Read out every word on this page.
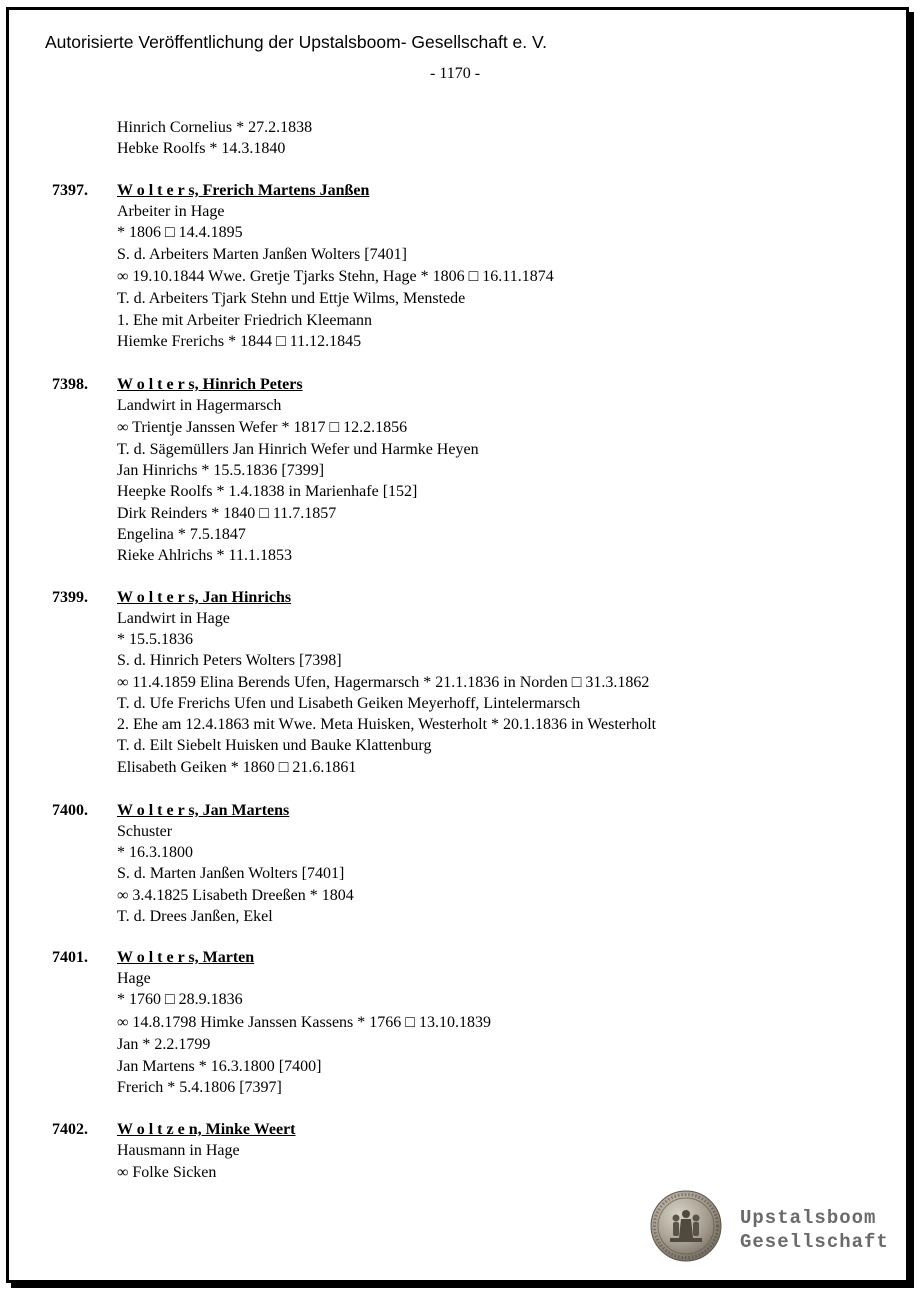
Autorisierte Veröffentlichung der Upstalsboom- Gesellschaft e. V.
- 1170 -
Hinrich Cornelius * 27.2.1838
Hebke Roolfs * 14.3.1840
7397. W o l t e r s, Frerich Martens Janßen
Arbeiter in Hage
* 1806 □ 14.4.1895
S. d. Arbeiters Marten Janßen Wolters [7401]
∞ 19.10.1844 Wwe. Gretje Tjarks Stehn, Hage * 1806 □ 16.11.1874
T. d. Arbeiters Tjark Stehn und Ettje Wilms, Menstede
1. Ehe mit Arbeiter Friedrich Kleemann
Hiemke Frerichs * 1844 □ 11.12.1845
7398. W o l t e r s, Hinrich Peters
Landwirt in Hagermarsch
∞ Trientje Janssen Wefer * 1817 □ 12.2.1856
T. d. Sägemüllers Jan Hinrich Wefer und Harmke Heyen
Jan Hinrichs * 15.5.1836 [7399]
Heepke Roolfs * 1.4.1838 in Marienhafe [152]
Dirk Reinders * 1840 □ 11.7.1857
Engelina * 7.5.1847
Rieke Ahlrichs * 11.1.1853
7399. W o l t e r s, Jan Hinrichs
Landwirt in Hage
* 15.5.1836
S. d. Hinrich Peters Wolters [7398]
∞ 11.4.1859 Elina Berends Ufen, Hagermarsch * 21.1.1836 in Norden □ 31.3.1862
T. d. Ufe Frerichs Ufen und Lisabeth Geiken Meyerhoff, Lintelermarsch
2. Ehe am 12.4.1863 mit Wwe. Meta Huisken, Westerholt * 20.1.1836 in Westerholt
T. d. Eilt Siebelt Huisken und Bauke Klattenburg
Elisabeth Geiken * 1860 □ 21.6.1861
7400. W o l t e r s, Jan Martens
Schuster
* 16.3.1800
S. d. Marten Janßen Wolters [7401]
∞ 3.4.1825 Lisabeth Dreeßen * 1804
T. d. Drees Janßen, Ekel
7401. W o l t e r s, Marten
Hage
* 1760 □ 28.9.1836
∞ 14.8.1798 Himke Janssen Kassens * 1766 □ 13.10.1839
Jan * 2.2.1799
Jan Martens * 16.3.1800 [7400]
Frerich * 5.4.1806 [7397]
7402. W o l t z e n, Minke Weert
Hausmann in Hage
∞ Folke Sicken
Upstalsboom
Gesellschaft
